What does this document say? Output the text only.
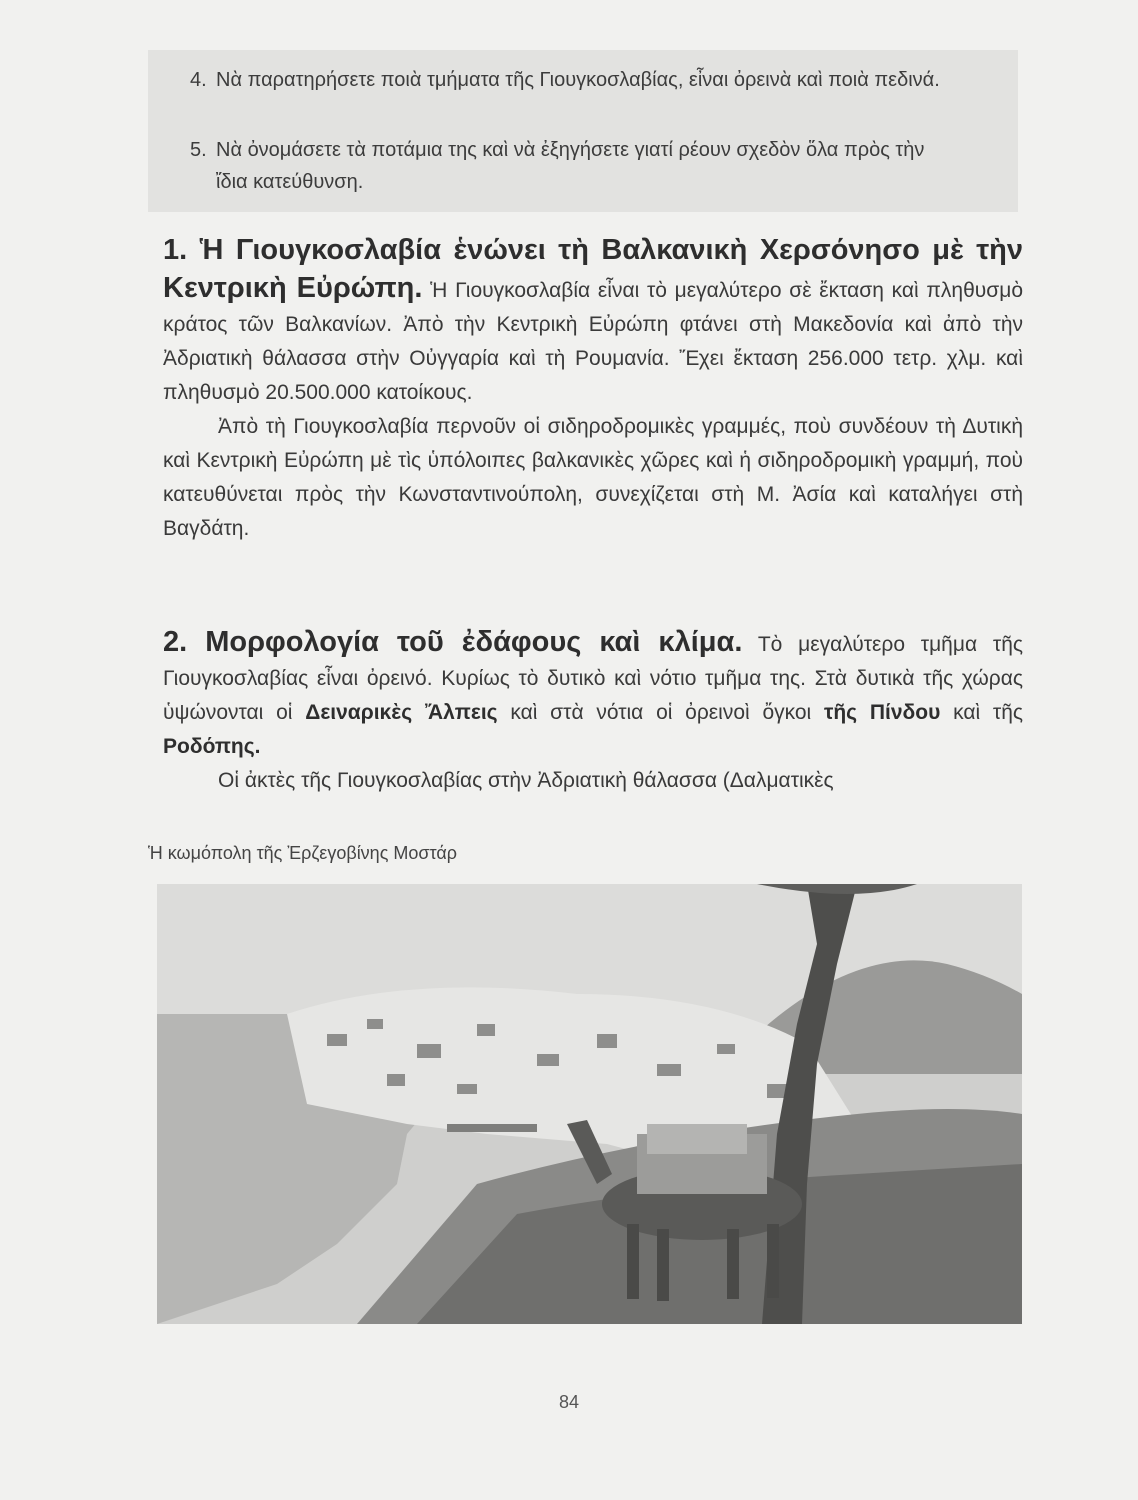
4. Νὰ παρατηρήσετε ποιὰ τμήματα τῆς Γιουγκοσλαβίας, εἶναι ὀρεινὰ καὶ ποιὰ πεδινά.
5. Νὰ ὀνομάσετε τὰ ποτάμια της καὶ νὰ ἐξηγήσετε γιατί ρέουν σχεδὸν ὅλα πρὸς τὴν ἴδια κατεύθυνση.
1. Ἡ Γιουγκοσλαβία ἑνώνει τὴ Βαλκανικὴ Χερσόνησο μὲ τὴν Κεντρικὴ Εὐρώπη. Ἡ Γιουγκοσλαβία εἶναι τὸ μεγαλύτερο σὲ ἔκταση καὶ πληθυσμὸ κράτος τῶν Βαλκανίων. Ἀπὸ τὴν Κεντρικὴ Εὐρώπη φτάνει στὴ Μακεδονία καὶ ἀπὸ τὴν Ἀδριατικὴ θάλασσα στὴν Οὐγγαρία καὶ τὴ Ρουμανία. Ἔχει ἔκταση 256.000 τετρ. χλμ. καὶ πληθυσμὸ 20.500.000 κατοίκους.
Ἀπὸ τὴ Γιουγκοσλαβία περνοῦν οἱ σιδηροδρομικὲς γραμμές, ποὺ συνδέουν τὴ Δυτικὴ καὶ Κεντρικὴ Εὐρώπη μὲ τὶς ὑπόλοιπες βαλκανικὲς χῶρες καὶ ἡ σιδηροδρομικὴ γραμμή, ποὺ κατευθύνεται πρὸς τὴν Κωνσταντινούπολη, συνεχίζεται στὴ Μ. Ἀσία καὶ καταλήγει στὴ Βαγδάτη.
2. Μορφολογία τοῦ ἐδάφους καὶ κλίμα. Τὸ μεγαλύτερο τμῆμα τῆς Γιουγκοσλαβίας εἶναι ὀρεινό. Κυρίως τὸ δυτικὸ καὶ νότιο τμῆμα της. Στὰ δυτικὰ τῆς χώρας ὑψώνονται οἱ Δειναρικὲς Ἄλπεις καὶ στὰ νότια οἱ ὀρεινοὶ ὄγκοι τῆς Πίνδου καὶ τῆς Ροδόπης.
Οἱ ἀκτὲς τῆς Γιουγκοσλαβίας στὴν Ἀδριατικὴ θάλασσα (Δαλματικὲς
Ἡ κωμόπολη τῆς Ἐρζεγοβίνης Μοστάρ
84
